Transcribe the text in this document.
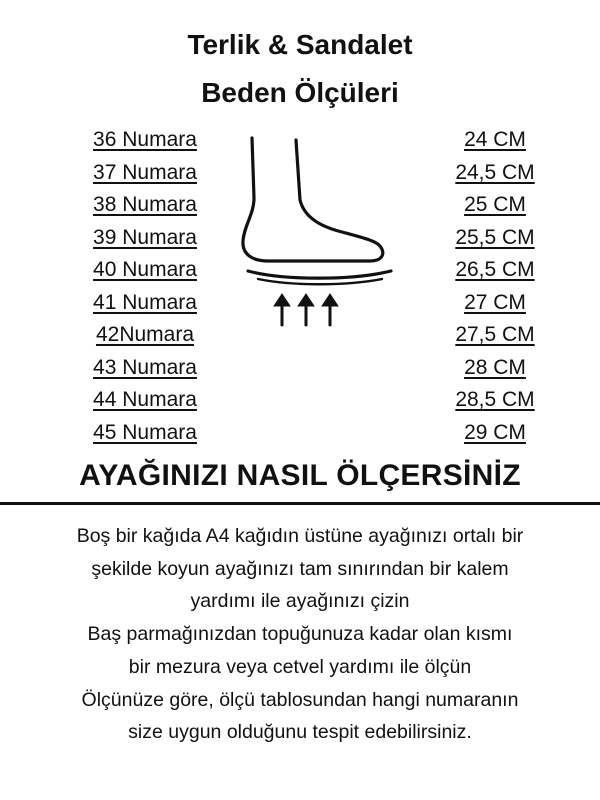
Terlik & Sandalet
Beden Ölçüleri
36 Numara
37 Numara
38 Numara
39 Numara
40 Numara
41 Numara
42Numara
43 Numara
44 Numara
45 Numara
24 CM
24,5 CM
25 CM
25,5 CM
26,5 CM
27 CM
27,5 CM
28 CM
28,5 CM
29 CM
AYAĞINIZI NASIL ÖLÇERSİNİZ
Boş bir kağıda A4 kağıdın üstüne ayağınızı ortalı bir
şekilde koyun ayağınızı tam sınırından bir kalem
yardımı ile ayağınızı çizin
Baş parmağınızdan topuğunuza kadar olan kısmı
bir mezura veya cetvel yardımı ile ölçün
Ölçünüze göre, ölçü tablosundan hangi numaranın
size uygun olduğunu tespit edebilirsiniz.
